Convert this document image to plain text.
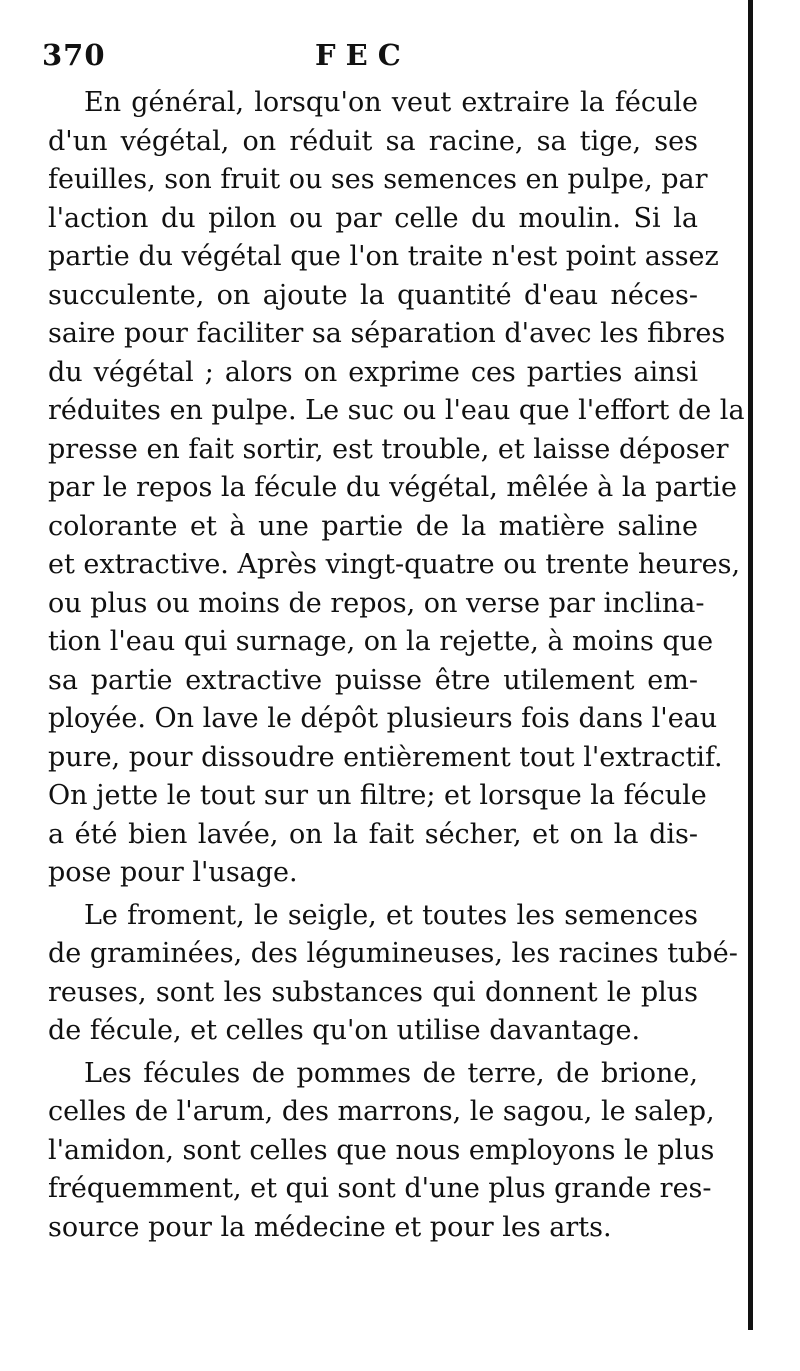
370	FEC
En général, lorsqu'on veut extraire la fécule
d'un végétal, on réduit sa racine, sa tige, ses
feuilles, son fruit ou ses semences en pulpe, par
l'action du pilon ou par celle du moulin. Si la
partie du végétal que l'on traite n'est point assez
succulente, on ajoute la quantité d'eau néces-
saire pour faciliter sa séparation d'avec les fibres
du végétal ; alors on exprime ces parties ainsi
réduites en pulpe. Le suc ou l'eau que l'effort de la
presse en fait sortir, est trouble, et laisse déposer
par le repos la fécule du végétal, mêlée à la partie
colorante et à une partie de la matière saline
et extractive. Après vingt-quatre ou trente heures,
ou plus ou moins de repos, on verse par inclina-
tion l'eau qui surnage, on la rejette, à moins que
sa partie extractive puisse être utilement em-
ployée. On lave le dépôt plusieurs fois dans l'eau
pure, pour dissoudre entièrement tout l'extractif.
On jette le tout sur un filtre; et lorsque la fécule
a été bien lavée, on la fait sécher, et on la dis-
pose pour l'usage.
Le froment, le seigle, et toutes les semences
de graminées, des légumineuses, les racines tubé-
reuses, sont les substances qui donnent le plus
de fécule, et celles qu'on utilise davantage.
Les fécules de pommes de terre, de brione,
celles de l'arum, des marrons, le sagou, le salep,
l'amidon, sont celles que nous employons le plus
fréquemment, et qui sont d'une plus grande res-
source pour la médecine et pour les arts.
